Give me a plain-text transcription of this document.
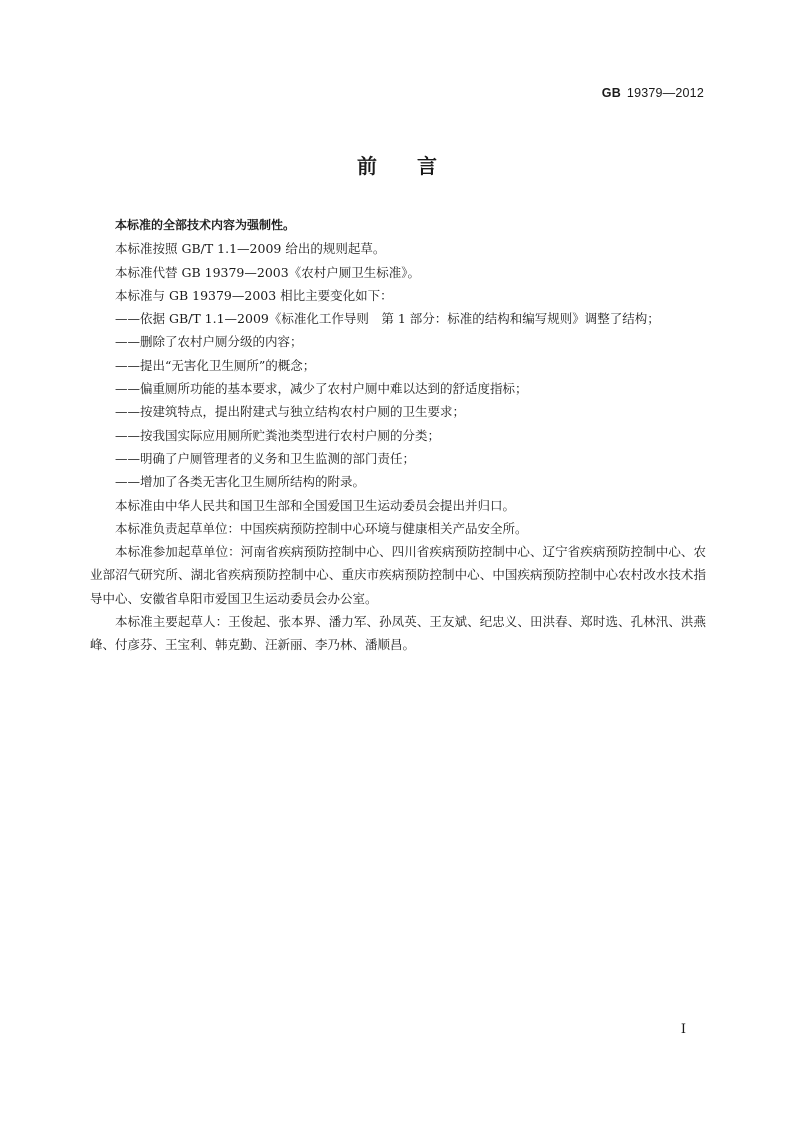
GB 19379—2012
前言

本标准的全部技术内容为强制性。

本标准按照 GB/T 1.1—2009 给出的规则起草。

本标准代替 GB 19379—2003《农村户厕卫生标准》。

本标准与 GB 19379—2003 相比主要变化如下：

——依据 GB/T 1.1—2009《标准化工作导则　第 1 部分：标准的结构和编写规则》调整了结构；

——删除了农村户厕分级的内容；

——提出“无害化卫生厕所”的概念；

——偏重厕所功能的基本要求，减少了农村户厕中难以达到的舒适度指标；

——按建筑特点，提出附建式与独立结构农村户厕的卫生要求；

——按我国实际应用厕所贮粪池类型进行农村户厕的分类；

——明确了户厕管理者的义务和卫生监测的部门责任；

——增加了各类无害化卫生厕所结构的附录。

本标准由中华人民共和国卫生部和全国爱国卫生运动委员会提出并归口。

本标准负责起草单位：中国疾病预防控制中心环境与健康相关产品安全所。

本标准参加起草单位：河南省疾病预防控制中心、四川省疾病预防控制中心、辽宁省疾病预防控制中心、农业部沼气研究所、湖北省疾病预防控制中心、重庆市疾病预防控制中心、中国疾病预防控制中心农村改水技术指导中心、安徽省阜阳市爱国卫生运动委员会办公室。

本标准主要起草人：王俊起、张本界、潘力军、孙凤英、王友斌、纪忠义、田洪春、郑时选、孔林汛、洪燕峰、付彦芬、王宝利、韩克勤、汪新丽、李乃林、潘顺昌。

I
